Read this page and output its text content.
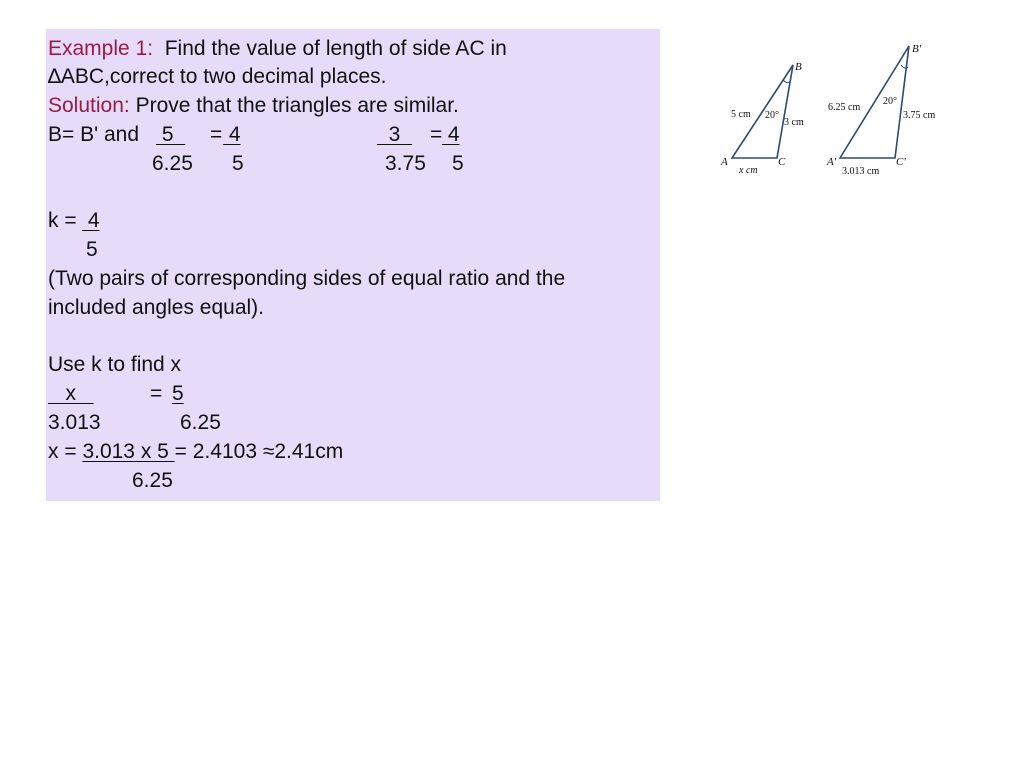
Example 1: Find the value of length of side AC in
∆ABC,correct to two decimal places.
Solution: Prove that the triangles are similar.
B= B' and 5 = 4	3 = 4
6.25 5	3.75 5
k = 4
5
(Two pairs of corresponding sides of equal ratio and the
included angles equal).
Use k to find x
x	= 5
3.013	6.25
x = 3.013 x 5 = 2.4103 ≈2.41cm
6.25
B
A	C
5 cm 20°
3 cm
x cm
B'
A'	C'
6.25 cm
20°
3.75 cm
3.013 cm
